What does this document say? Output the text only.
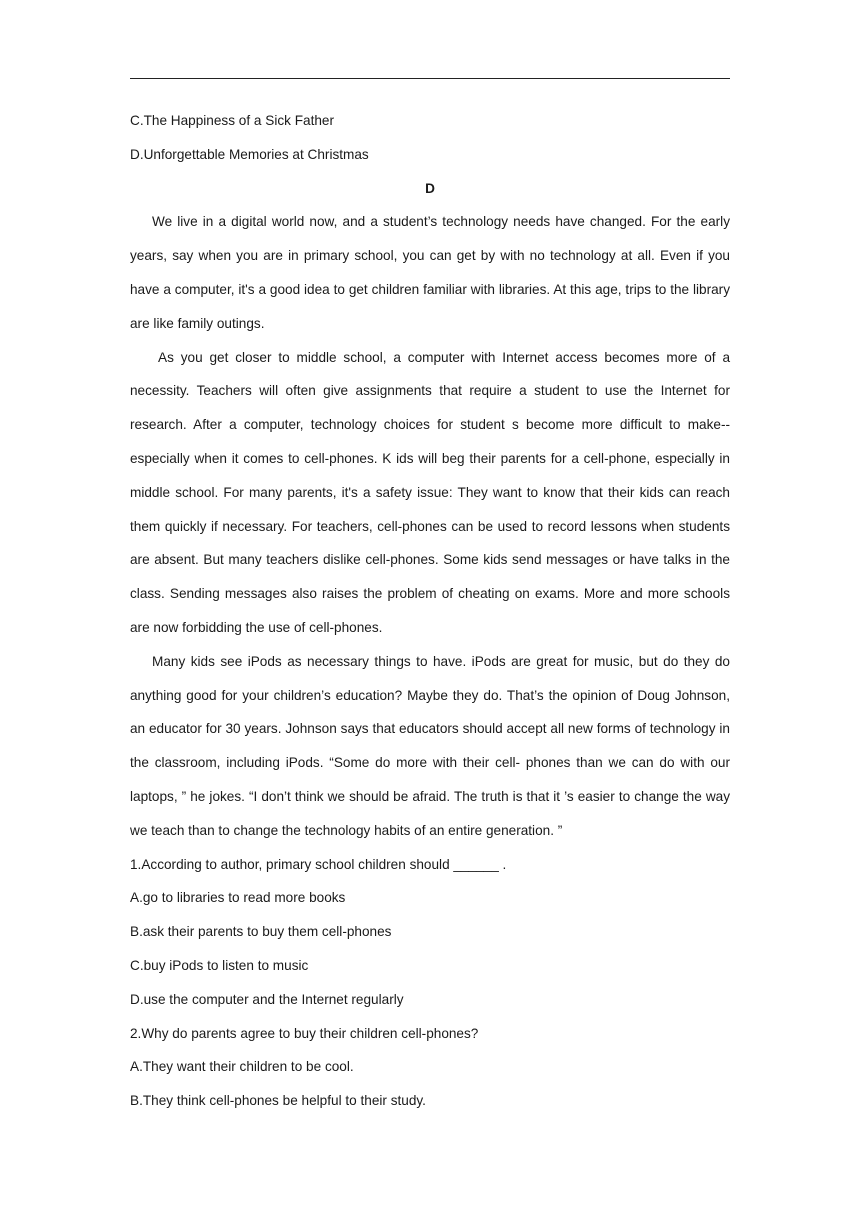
C.The Happiness of a Sick Father
D.Unforgettable Memories at Christmas
D
We live in a digital world now, and a student’s technology needs have changed. For the early years, say when you are in primary school, you can get by with no technology at all. Even if you have a computer, it's a good idea to get children familiar with libraries. At this age, trips to the library are like family outings.
As you get closer to middle school, a computer with Internet access becomes more of a necessity. Teachers will often give assignments that require a student to use the Internet for research. After a computer, technology choices for student s become more difficult to make--especially when it comes to cell-phones. K ids will beg their parents for a cell-phone, especially in middle school. For many parents, it's a safety issue: They want to know that their kids can reach them quickly if necessary. For teachers, cell-phones can be used to record lessons when students are absent. But many teachers dislike cell-phones. Some kids send messages or have talks in the class. Sending messages also raises the problem of cheating on exams. More and more schools are now forbidding the use of cell-phones.
Many kids see iPods as necessary things to have. iPods are great for music, but do they do anything good for your children’s education? Maybe they do. That’s the opinion of Doug Johnson, an educator for 30 years. Johnson says that educators should accept all new forms of technology in the classroom, including iPods. “Some do more with their cell- phones than we can do with our laptops, ” he jokes. “I don’t think we should be afraid. The truth is that it ’s easier to change the way we teach than to change the technology habits of an entire generation. ”
1.According to author, primary school children should ______ .
A.go to libraries to read more books
B.ask their parents to buy them cell-phones
C.buy iPods to listen to music
D.use the computer and the Internet regularly
2.Why do parents agree to buy their children cell-phones?
A.They want their children to be cool.
B.They think cell-phones be helpful to their study.
